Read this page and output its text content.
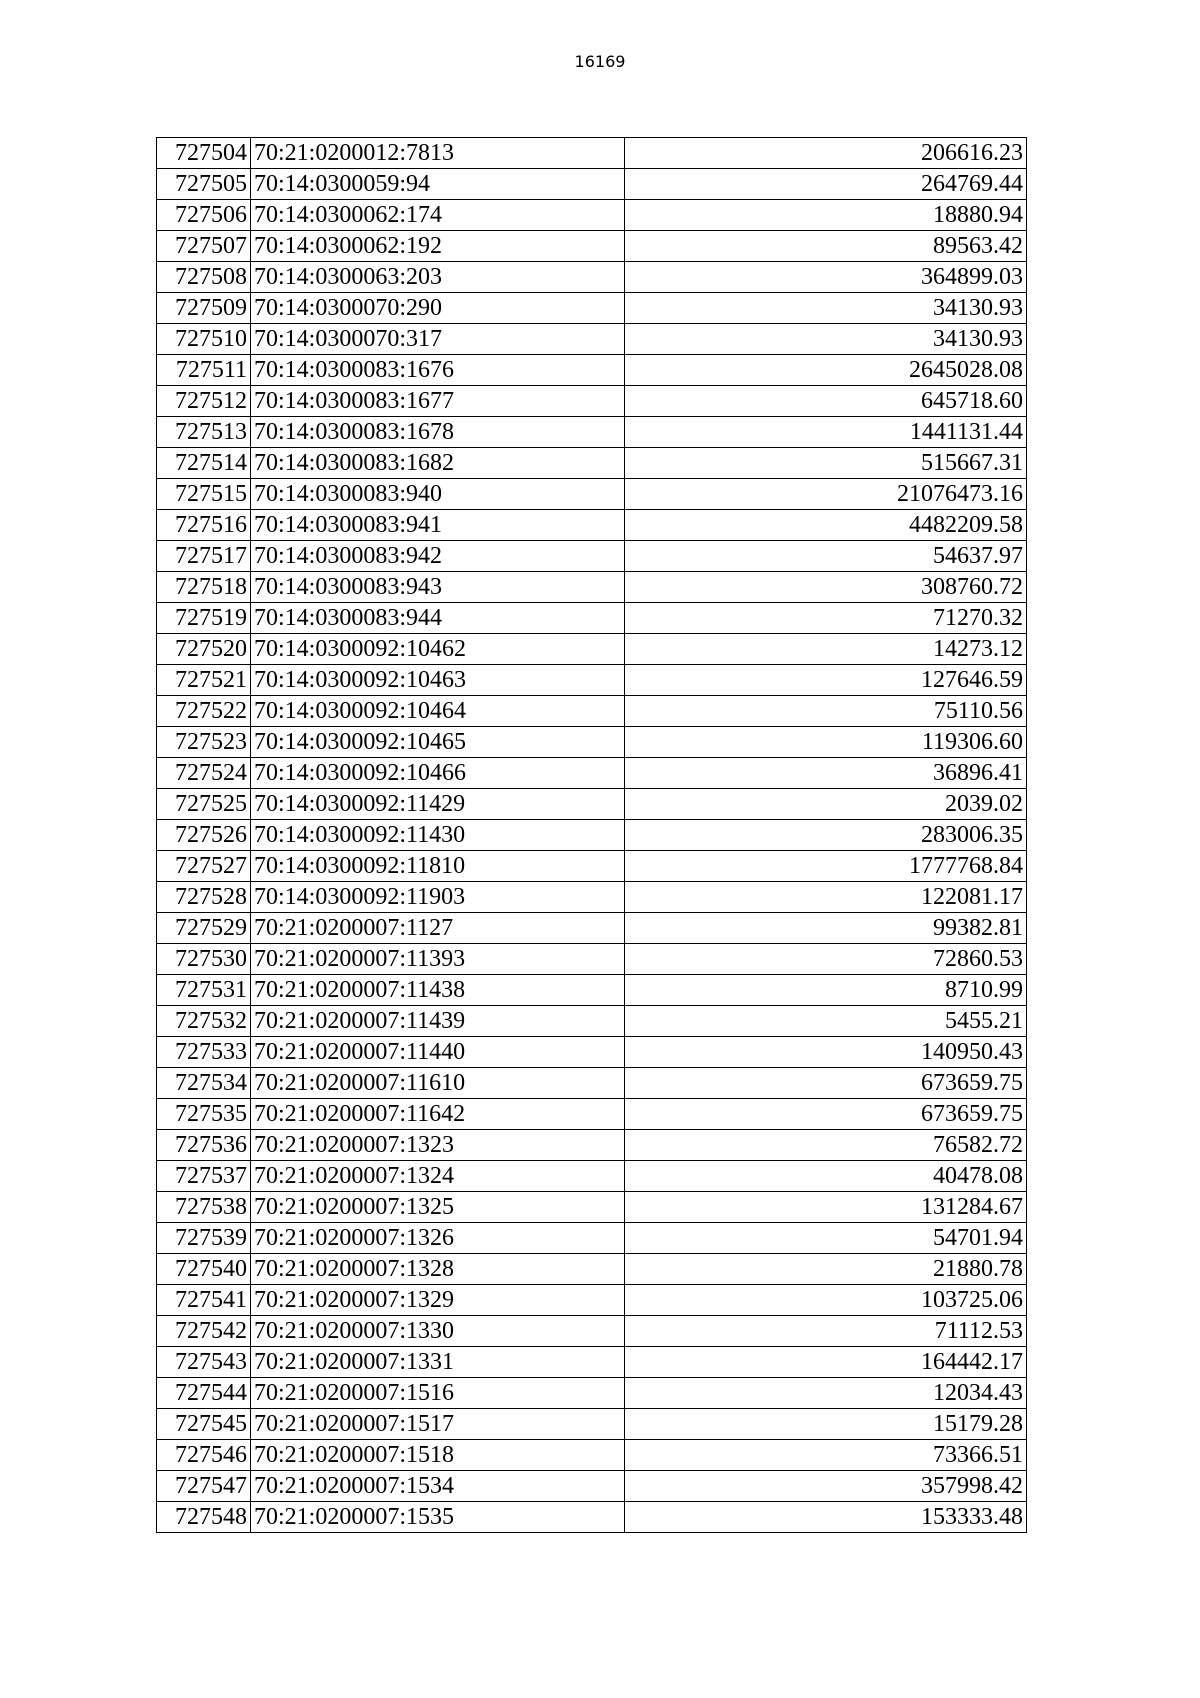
16169
727504	70:21:0200012:7813	206616.23
727505	70:14:0300059:94	264769.44
727506	70:14:0300062:174	18880.94
727507	70:14:0300062:192	89563.42
727508	70:14:0300063:203	364899.03
727509	70:14:0300070:290	34130.93
727510	70:14:0300070:317	34130.93
727511	70:14:0300083:1676	2645028.08
727512	70:14:0300083:1677	645718.60
727513	70:14:0300083:1678	1441131.44
727514	70:14:0300083:1682	515667.31
727515	70:14:0300083:940	21076473.16
727516	70:14:0300083:941	4482209.58
727517	70:14:0300083:942	54637.97
727518	70:14:0300083:943	308760.72
727519	70:14:0300083:944	71270.32
727520	70:14:0300092:10462	14273.12
727521	70:14:0300092:10463	127646.59
727522	70:14:0300092:10464	75110.56
727523	70:14:0300092:10465	119306.60
727524	70:14:0300092:10466	36896.41
727525	70:14:0300092:11429	2039.02
727526	70:14:0300092:11430	283006.35
727527	70:14:0300092:11810	1777768.84
727528	70:14:0300092:11903	122081.17
727529	70:21:0200007:1127	99382.81
727530	70:21:0200007:11393	72860.53
727531	70:21:0200007:11438	8710.99
727532	70:21:0200007:11439	5455.21
727533	70:21:0200007:11440	140950.43
727534	70:21:0200007:11610	673659.75
727535	70:21:0200007:11642	673659.75
727536	70:21:0200007:1323	76582.72
727537	70:21:0200007:1324	40478.08
727538	70:21:0200007:1325	131284.67
727539	70:21:0200007:1326	54701.94
727540	70:21:0200007:1328	21880.78
727541	70:21:0200007:1329	103725.06
727542	70:21:0200007:1330	71112.53
727543	70:21:0200007:1331	164442.17
727544	70:21:0200007:1516	12034.43
727545	70:21:0200007:1517	15179.28
727546	70:21:0200007:1518	73366.51
727547	70:21:0200007:1534	357998.42
727548	70:21:0200007:1535	153333.48
